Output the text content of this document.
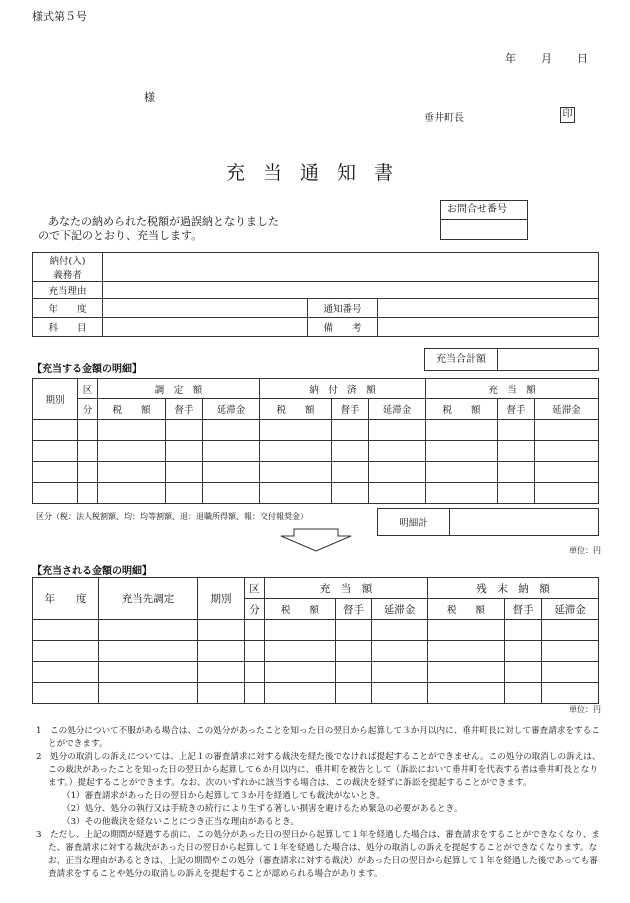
様式第５号
年 月 日
様
垂井町長	印
充当通知書
お問合せ番号
あなたの納められた税額が過誤納となりました
ので下記のとおり、充当します。
納付(入)
義務者			

充当理由			
年　　度		通知番号	
科　　目		備　　考	
【充当する金額の明細】
充当合計額
期別	区	調　定　額			納　付　済　額			充　当　額		
	分	税　　額	督手	延滞金	税　　額	督手	延滞金	税　　額	督手	延滞金

区分（税：法人税割額、均：均等割額、退：退職所得額、報：交付報奨金）
明細計	
単位：円
【充当される金額の明細】
年　　度	充当先調定	期別	区	充　当　額			残　末　納　額		
			分	税　　額	督手	延滞金	税　　額	督手	延滞金

単位：円

1　この処分について不服がある場合は、この処分があったことを知った日の翌日から起算して３か月以内に、垂井町長に対して審査請求をすることができます。

2　処分の取消しの訴えについては、上記１の審査請求に対する裁決を経た後でなければ提起することができません。この処分の取消しの訴えは、この裁決があったことを知った日の翌日から起算して６か月以内に、垂井町を被告として（訴訟において垂井町を代表する者は垂井町長となります。）提起することができます。なお、次のいずれかに該当する場合は、この裁決を経ずに訴訟を提起することができます。

（1）審査請求があった日の翌日から起算して３か月を経過しても裁決がないとき。

（2）処分、処分の執行又は手続きの続行により生ずる著しい損害を避けるため緊急の必要があるとき。

（3）その他裁決を経ないことにつき正当な理由があるとき。

3　ただし、上記の期間が経過する前に、この処分があった日の翌日から起算して１年を経過した場合は、審査請求をすることができなくなり、また、審査請求に対する裁決があった日の翌日から起算して１年を経過した場合は、処分の取消しの訴えを提起することができなくなります。なお、正当な理由があるときは、上記の期間やこの処分（審査請求に対する裁決）があった日の翌日から起算して１年を経過した後であっても審査請求をすることや処分の取消しの訴えを提起することが認められる場合があります。
